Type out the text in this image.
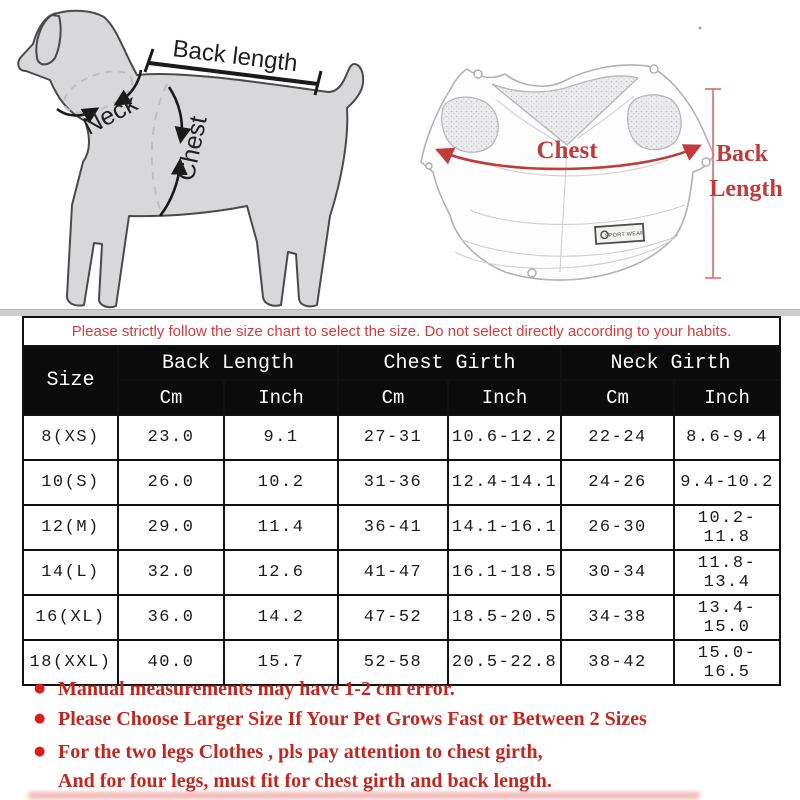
Back length
Neck Chest
SPORT WEAR
Chest	Back
Length
Please strictly follow the size chart to select the size. Do not select directly according to your habits.						
Size	Back Length		Chest Girth		Neck Girth	
	Cm	Inch	Cm	Inch	Cm	Inch
8(XS)	23.0	9.1	27-31	10.6-12.2	22-24	8.6-9.4
10(S)	26.0	10.2	31-36	12.4-14.1	24-26	9.4-10.2
12(M)	29.0	11.4	36-41	14.1-16.1	26-30	10.2-11.8
14(L)	32.0	12.6	41-47	16.1-18.5	30-34	11.8-13.4
16(XL)	36.0	14.2	47-52	18.5-20.5	34-38	13.4-15.0
18(XXL)	40.0	15.7	52-58	20.5-22.8	38-42	15.0-16.5
● Manual measurements may have 1-2 cm error.
● Please Choose Larger Size If Your Pet Grows Fast or Between 2 Sizes
● For the two legs Clothes , pls pay attention to chest girth,
And for four legs, must fit for chest girth and back length.
